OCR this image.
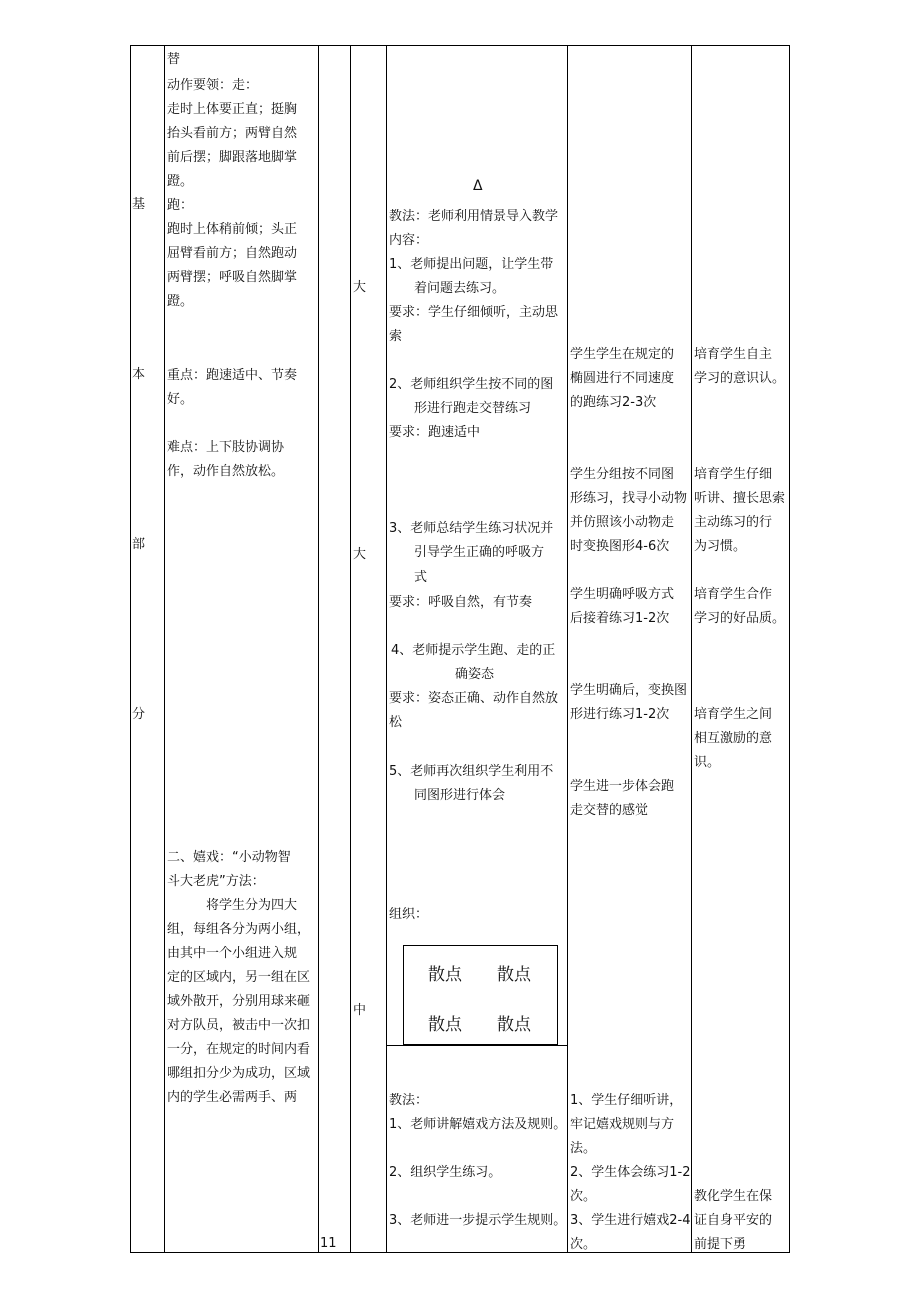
基
本
部
分
替
动作要领：走：
走时上体要正直；挺胸
抬头看前方；两臂自然
前后摆；脚跟落地脚掌
蹬。
跑：
跑时上体稍前倾；头正
屈臂看前方；自然跑动
两臂摆；呼吸自然脚掌
蹬。
重点：跑速适中、节奏
好。
难点：上下肢协调协
作，动作自然放松。
二、嬉戏：“小动物智
斗大老虎”方法：
将学生分为四大
组，每组各分为两小组，
由其中一个小组进入规
定的区域内，另一组在区
域外散开，分别用球来砸
对方队员，被击中一次扣
一分，在规定的时间内看
哪组扣分少为成功，区域
内的学生必需两手、两
11
大
大
中
Δ
教法：老师利用情景导入教学
内容：
1、老师提出问题，让学生带
着问题去练习。
要求：学生仔细倾听，主动思
索
2、老师组织学生按不同的图
形进行跑走交替练习
要求：跑速适中
3、老师总结学生练习状况并
引导学生正确的呼吸方
式
要求：呼吸自然，有节奏
4、老师提示学生跑、走的正
确姿态
要求：姿态正确、动作自然放
松
5、老师再次组织学生利用不
同图形进行体会
组织：
散点 散点
散点 散点
教法：
1、老师讲解嬉戏方法及规则。
2、组织学生练习。
3、老师进一步提示学生规则。
学生学生在规定的
椭圆进行不同速度
的跑练习2-3次
学生分组按不同图
形练习，找寻小动物
并仿照该小动物走
时变换图形4-6次
学生明确呼吸方式
后接着练习1-2次
学生明确后，变换图
形进行练习1-2次
学生进一步体会跑
走交替的感觉
1、学生仔细听讲，
牢记嬉戏规则与方
法。
2、学生体会练习1-2
次。
3、学生进行嬉戏2-4
次。
培育学生自主
学习的意识认。
培育学生仔细
听讲、擅长思索
主动练习的行
为习惯。
培育学生合作
学习的好品质。
培育学生之间
相互激励的意
识。
教化学生在保
证自身平安的
前提下勇
